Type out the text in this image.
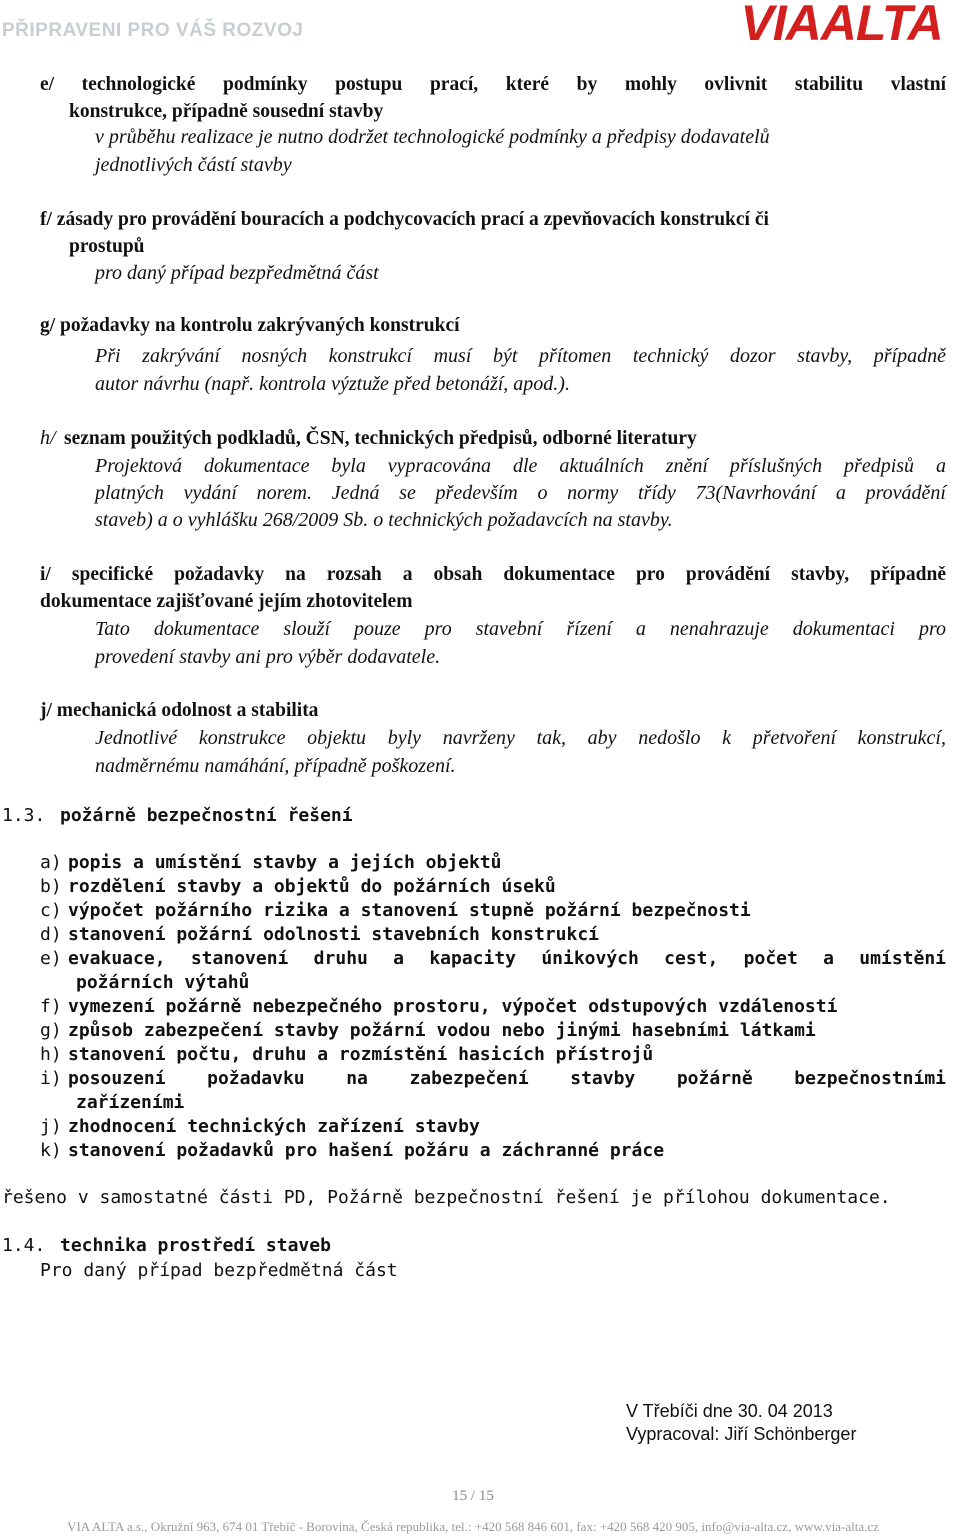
PŘIPRAVENI PRO VÁŠ ROZVOJ	VIAALTA
e/ technologické podmínky postupu prací, které by mohly ovlivnit stabilitu vlastní
konstrukce, případně sousední stavby
v průběhu realizace je nutno dodržet technologické podmínky a předpisy dodavatelů
jednotlivých částí stavby
f/ zásady pro provádění bouracích a podchycovacích prací a zpevňovacích konstrukcí či
prostupů
pro daný případ bezpředmětná část
g/ požadavky na kontrolu zakrývaných konstrukcí
Při zakrývání nosných konstrukcí musí být přítomen technický dozor stavby, případně
autor návrhu (např. kontrola výztuže před betonáží, apod.).
h/ seznam použitých podkladů, ČSN, technických předpisů, odborné literatury
Projektová dokumentace byla vypracována dle aktuálních znění příslušných předpisů a
platných vydání norem. Jedná se především o normy třídy 73(Navrhování a provádění
staveb) a o vyhlášku 268/2009 Sb. o technických požadavcích na stavby.
i/ specifické požadavky na rozsah a obsah dokumentace pro provádění stavby, případně
dokumentace zajišťované jejím zhotovitelem
Tato dokumentace slouží pouze pro stavební řízení a nenahrazuje dokumentaci pro
provedení stavby ani pro výběr dodavatele.
j/ mechanická odolnost a stabilita
Jednotlivé konstrukce objektu byly navrženy tak, aby nedošlo k přetvoření konstrukcí,
nadměrnému namáhání, případně poškození.
1.3. požárně bezpečnostní řešení
a) popis a umístění stavby a jejích objektů
b) rozdělení stavby a objektů do požárních úseků
c) výpočet požárního rizika a stanovení stupně požární bezpečnosti
d) stanovení požární odolnosti stavebních konstrukcí
e) evakuace, stanovení druhu a kapacity únikových cest, počet a umístění
požárních výtahů
f) vymezení požárně nebezpečného prostoru, výpočet odstupových vzdáleností
g) způsob zabezpečení stavby požární vodou nebo jinými hasebními látkami
h) stanovení počtu, druhu a rozmístění hasicích přístrojů
i) posouzení požadavku na zabezpečení stavby požárně bezpečnostními
zařízeními
j) zhodnocení technických zařízení stavby
k) stanovení požadavků pro hašení požáru a záchranné práce
řešeno v samostatné části PD, Požárně bezpečnostní řešení je přílohou dokumentace.
1.4. technika prostředí staveb
Pro daný případ bezpředmětná část
V Třebíči dne 30. 04 2013
Vypracoval: Jiří Schönberger
15 / 15
VIA ALTA a.s., Okružní 963, 674 01 Třebíč - Borovina, Česká republika, tel.: +420 568 846 601, fax: +420 568 420 905, info@via-alta.cz, www.via-alta.cz
